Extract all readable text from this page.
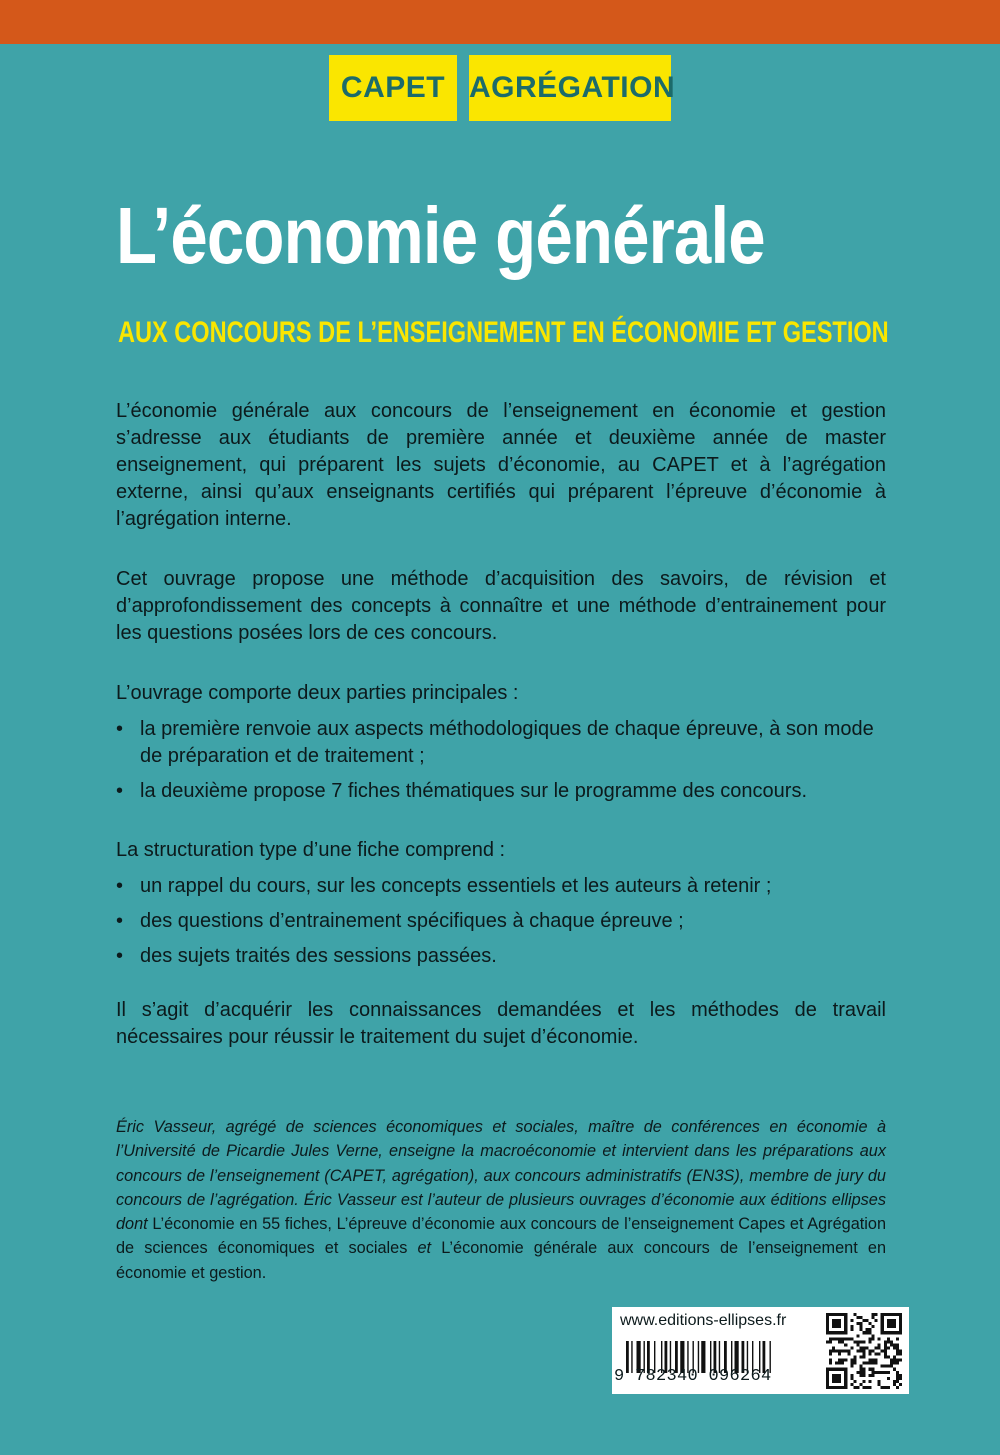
CAPET AGRÉGATION
L’économie générale
AUX CONCOURS DE L’ENSEIGNEMENT EN ÉCONOMIE ET GESTION

L’économie générale aux concours de l’enseignement en économie et gestion s’adresse aux étudiants de première année et deuxième année de master enseignement, qui préparent les sujets d’économie, au CAPET et à l’agrégation externe, ainsi qu’aux enseignants certifiés qui préparent l’épreuve d’économie à l’agrégation interne.

Cet ouvrage propose une méthode d’acquisition des savoirs, de révision et d’approfondissement des concepts à connaître et une méthode d’entrainement pour les questions posées lors de ces concours.

L’ouvrage comporte deux parties principales :

• la première renvoie aux aspects méthodologiques de chaque épreuve, à son mode de préparation et de traitement ;
• la deuxième propose 7 fiches thématiques sur le programme des concours.

La structuration type d’une fiche comprend :

• un rappel du cours, sur les concepts essentiels et les auteurs à retenir ;
• des questions d’entrainement spécifiques à chaque épreuve ;
• des sujets traités des sessions passées.

Il s’agit d’acquérir les connaissances demandées et les méthodes de travail nécessaires pour réussir le traitement du sujet d’économie.

Éric Vasseur, agrégé de sciences économiques et sociales, maître de conférences en économie à l’Université de Picardie Jules Verne, enseigne la macroéconomie et intervient dans les préparations aux concours de l’enseignement (CAPET, agrégation), aux concours administratifs (EN3S), membre de jury du concours de l’agrégation. Éric Vasseur est l’auteur de plusieurs ouvrages d’économie aux éditions ellipses dont L’économie en 55 fiches, L’épreuve d’économie aux concours de l’enseignement Capes et Agrégation de sciences économiques et sociales et L’économie générale aux concours de l’enseignement en économie et gestion.
www.editions-ellipses.fr
9 782340 096264
